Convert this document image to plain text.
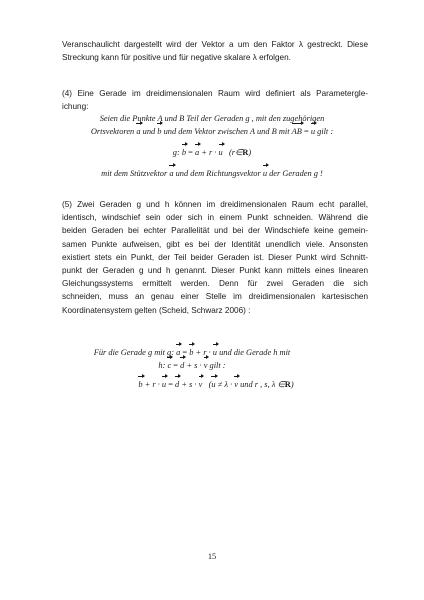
Veranschaulicht dargestellt wird der Vektor a um den Faktor λ gestreckt. Diese
Streckung kann für positive und für negative skalare λ erfolgen.

(4) Eine Gerade im dreidimensionalen Raum wird definiert als Parametergle-
ichung:

Seien die Punkte A und B Teil der Geraden g , mit den zugehörigen
Ortsvektoren a und b und dem Vektor zwischen A und B mit AB = u gilt :
g: b = a + r · u (r∈R)
mit dem Stützvektor a und dem Richtungsvektor u der Geraden g !

(5) Zwei Geraden g und h können im dreidimensionalen Raum echt parallel,
identisch, windschief sein oder sich in einem Punkt schneiden. Während die
beiden Geraden bei echter Parallelität und bei der Windschiefe keine gemein-
samen Punkte aufweisen, gibt es bei der Identität unendlich viele. Ansonsten
existiert stets ein Punkt, der Teil beider Geraden ist. Dieser Punkt wird Schnitt-
punkt der Geraden g und h genannt. Dieser Punkt kann mittels eines linearen
Gleichungssystems ermittelt werden. Denn für zwei Geraden die sich
schneiden, muss an genau einer Stelle im dreidimensionalen kartesischen
Koordinatensystem gelten (Scheid, Schwarz 2006) :

Für die Gerade g mit g: a = b + r · u und die Gerade h mit
h: c = d + s · v gilt :
b + r · u = d + s · v (u ≠ λ · v und r , s, λ ∈R)
15
